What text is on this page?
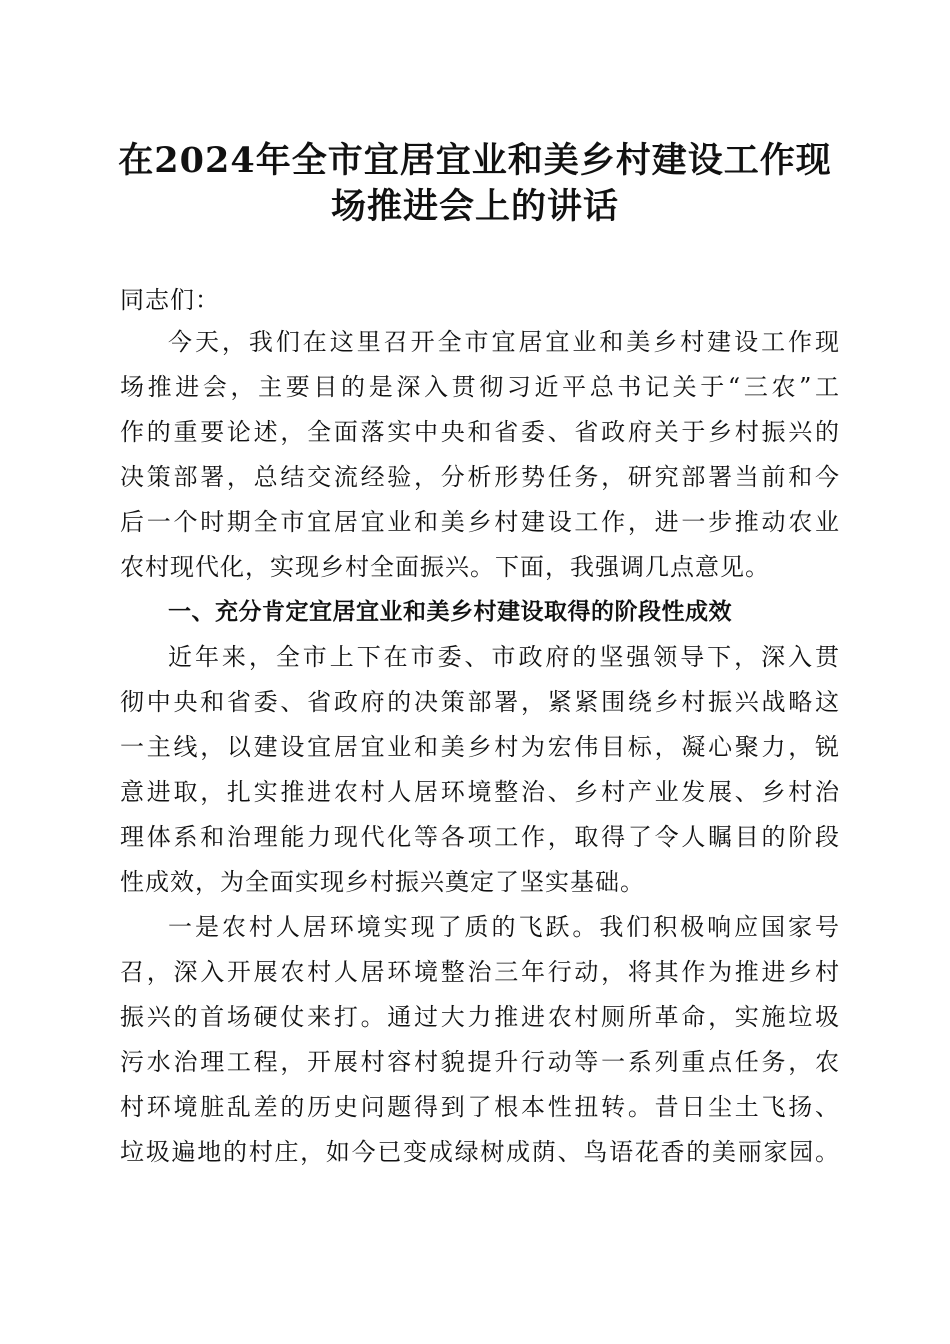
在2024年全市宜居宜业和美乡村建设工作现
场推进会上的讲话
同志们：
今天，我们在这里召开全市宜居宜业和美乡村建设工作现
场推进会，主要目的是深入贯彻习近平总书记关于“三农”工
作的重要论述，全面落实中央和省委、省政府关于乡村振兴的
决策部署，总结交流经验，分析形势任务，研究部署当前和今
后一个时期全市宜居宜业和美乡村建设工作，进一步推动农业
农村现代化，实现乡村全面振兴。下面，我强调几点意见。
一、充分肯定宜居宜业和美乡村建设取得的阶段性成效
近年来，全市上下在市委、市政府的坚强领导下，深入贯
彻中央和省委、省政府的决策部署，紧紧围绕乡村振兴战略这
一主线，以建设宜居宜业和美乡村为宏伟目标，凝心聚力，锐
意进取，扎实推进农村人居环境整治、乡村产业发展、乡村治
理体系和治理能力现代化等各项工作，取得了令人瞩目的阶段
性成效，为全面实现乡村振兴奠定了坚实基础。
一是农村人居环境实现了质的飞跃。我们积极响应国家号
召，深入开展农村人居环境整治三年行动，将其作为推进乡村
振兴的首场硬仗来打。通过大力推进农村厕所革命，实施垃圾
污水治理工程，开展村容村貌提升行动等一系列重点任务，农
村环境脏乱差的历史问题得到了根本性扭转。昔日尘土飞扬、
垃圾遍地的村庄，如今已变成绿树成荫、鸟语花香的美丽家园。
